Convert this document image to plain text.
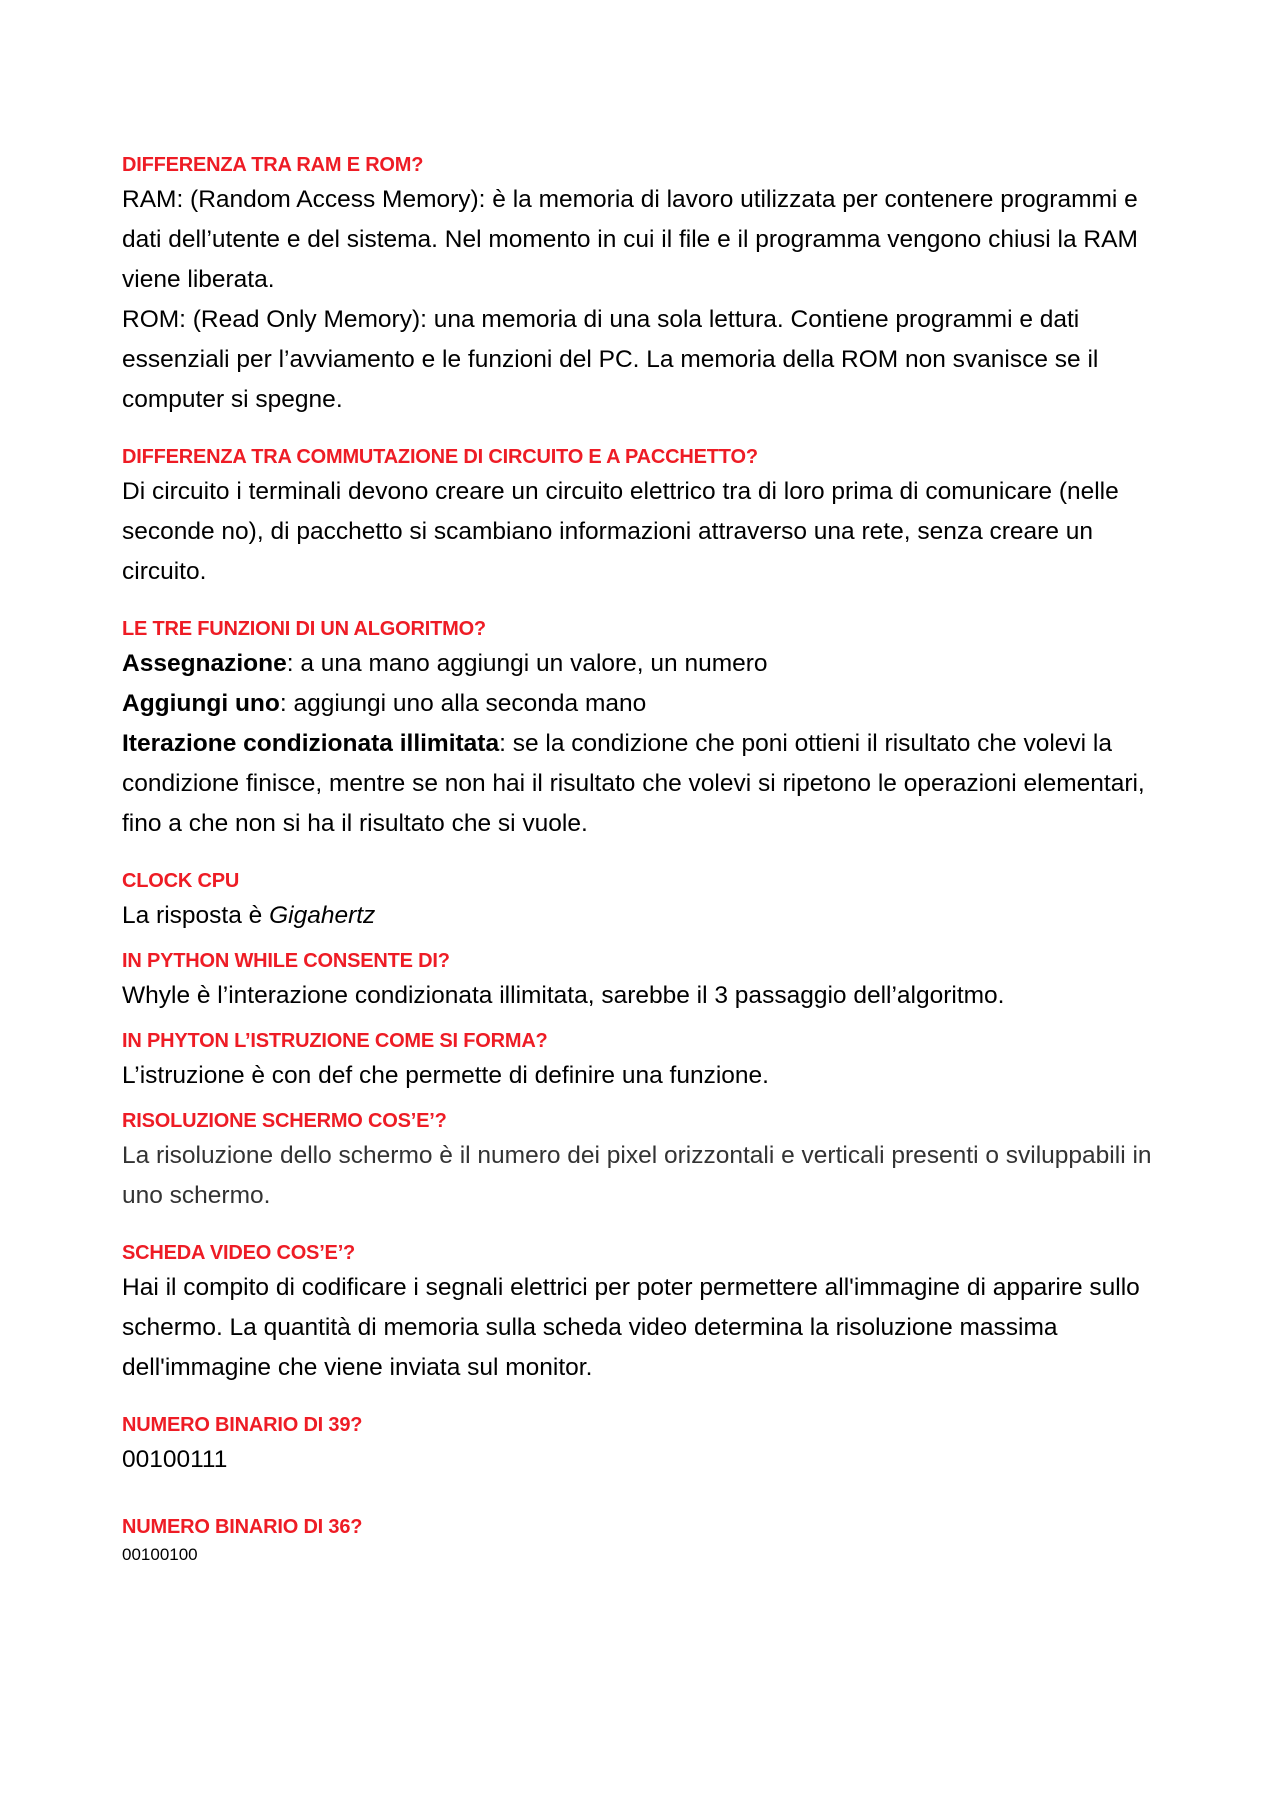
DIFFERENZA TRA RAM E ROM?

RAM: (Random Access Memory): è la memoria di lavoro utilizzata per contenere programmi e dati dell’utente e del sistema. Nel momento in cui il file e il programma vengono chiusi la RAM viene liberata.

ROM: (Read Only Memory): una memoria di una sola lettura. Contiene programmi e dati essenziali per l’avviamento e le funzioni del PC. La memoria della ROM non svanisce se il computer si spegne.

DIFFERENZA TRA COMMUTAZIONE DI CIRCUITO E A PACCHETTO?

Di circuito i terminali devono creare un circuito elettrico tra di loro prima di comunicare (nelle seconde no), di pacchetto si scambiano informazioni attraverso una rete, senza creare un circuito.

LE TRE FUNZIONI DI UN ALGORITMO?

Assegnazione: a una mano aggiungi un valore, un numero

Aggiungi uno: aggiungi uno alla seconda mano

Iterazione condizionata illimitata: se la condizione che poni ottieni il risultato che volevi la condizione finisce, mentre se non hai il risultato che volevi si ripetono le operazioni elementari, fino a che non si ha il risultato che si vuole.

CLOCK CPU

La risposta è Gigahertz

IN PYTHON WHILE CONSENTE DI?

Whyle è l’interazione condizionata illimitata, sarebbe il 3 passaggio dell’algoritmo.

IN PHYTON L’ISTRUZIONE COME SI FORMA?

L’istruzione è con def che permette di definire una funzione.

RISOLUZIONE SCHERMO COS’E’?

La risoluzione dello schermo è il numero dei pixel orizzontali e verticali presenti o sviluppabili in uno schermo.

SCHEDA VIDEO COS’E’?

Hai il compito di codificare i segnali elettrici per poter permettere all'immagine di apparire sullo schermo. La quantità di memoria sulla scheda video determina la risoluzione massima dell'immagine che viene inviata sul monitor.

NUMERO BINARIO DI 39?

00100111

NUMERO BINARIO DI 36?

00100100
